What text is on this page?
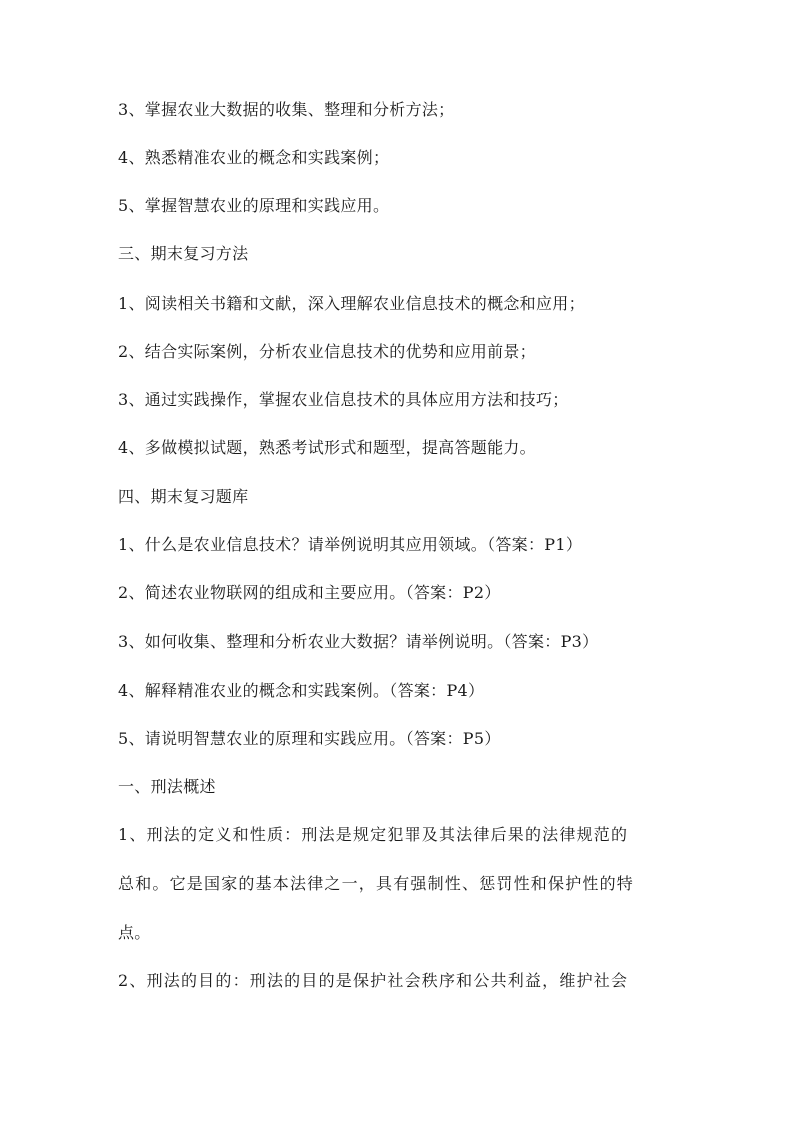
3、掌握农业大数据的收集、整理和分析方法；
4、熟悉精准农业的概念和实践案例；
5、掌握智慧农业的原理和实践应用。
三、期末复习方法
1、阅读相关书籍和文献，深入理解农业信息技术的概念和应用；
2、结合实际案例，分析农业信息技术的优势和应用前景；
3、通过实践操作，掌握农业信息技术的具体应用方法和技巧；
4、多做模拟试题，熟悉考试形式和题型，提高答题能力。
四、期末复习题库
1、什么是农业信息技术？请举例说明其应用领域。（答案：P1）
2、简述农业物联网的组成和主要应用。（答案：P2）
3、如何收集、整理和分析农业大数据？请举例说明。（答案：P3）
4、解释精准农业的概念和实践案例。（答案：P4）
5、请说明智慧农业的原理和实践应用。（答案：P5）
一、刑法概述
1、刑法的定义和性质：刑法是规定犯罪及其法律后果的法律规范的
总和。它是国家的基本法律之一，具有强制性、惩罚性和保护性的特
点。
2、刑法的目的：刑法的目的是保护社会秩序和公共利益，维护社会
